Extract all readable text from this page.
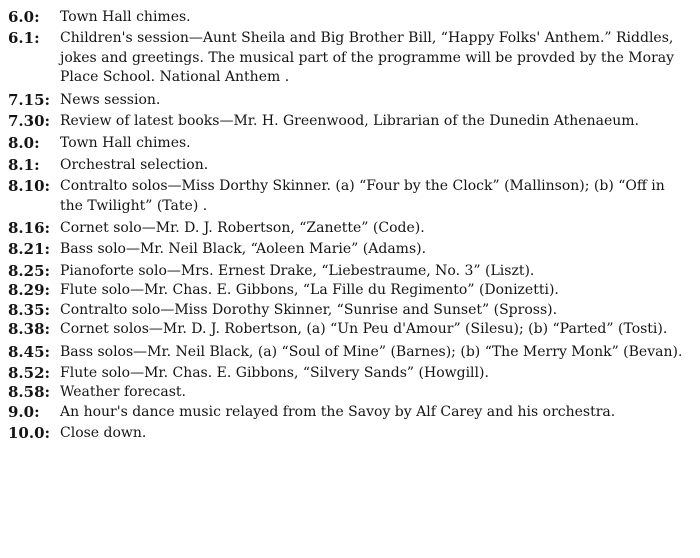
6.0:	Town Hall chimes.
6.1:	Children's session—Aunt Sheila and Big Brother Bill, “Happy Folks' Anthem.” Riddles, jokes and greetings. The musical part of the programme will be provded by the Moray Place School. National Anthem .
7.15: News session.
7.30: Review of latest books—Mr. H. Greenwood, Librarian of the Dunedin Athenaeum.
8.0:	Town Hall chimes.
8.1:	Orchestral selection.
8.10: Contralto solos—Miss Dorthy Skinner. (a) “Four by the Clock” (Mallinson); (b) “Off in the Twilight” (Tate) .
8.16: Cornet solo—Mr. D. J. Robertson, “Zanette” (Code).
8.21: Bass solo—Mr. Neil Black, “Aoleen Marie” (Adams).
8.25: Pianoforte solo—Mrs. Ernest Drake, “Liebestraume, No. 3” (Liszt).
8.29: Flute solo—Mr. Chas. E. Gibbons, “La Fille du Regimento” (Donizetti).
8.35: Contralto solo—Miss Dorothy Skinner, “Sunrise and Sunset” (Spross).
8.38: Cornet solos—Mr. D. J. Robertson, (a) “Un Peu d'Amour” (Silesu); (b) “Parted” (Tosti).
8.45: Bass solos—Mr. Neil Black, (a) “Soul of Mine” (Barnes); (b) “The Merry Monk” (Bevan).
8.52: Flute solo—Mr. Chas. E. Gibbons, “Silvery Sands” (Howgill).
8.58: Weather forecast.
9.0:	An hour's dance music relayed from the Savoy by Alf Carey and his orchestra.
10.0: Close down.
